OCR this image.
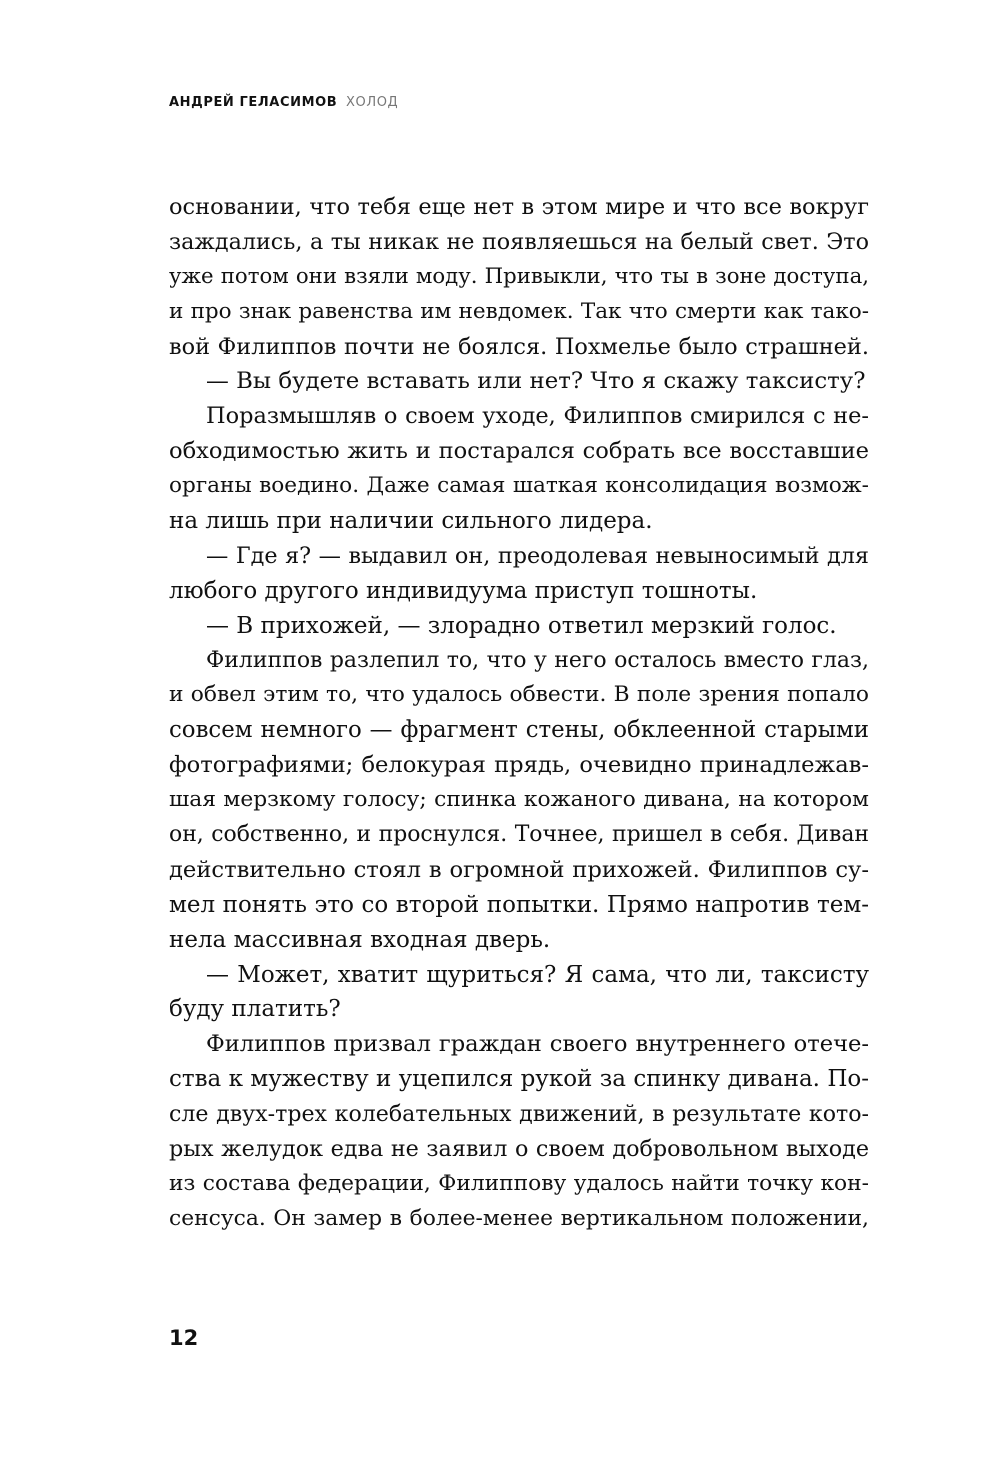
АНДРЕЙ ГЕЛАСИМОВ ХОЛОД
основании, что тебя еще нет в этом мире и что все вокруг
заждались, а ты никак не появляешься на белый свет. Это
уже потом они взяли моду. Привыкли, что ты в зоне доступа,
и про знак равенства им невдомек. Так что смерти как тако-
вой Филиппов почти не боялся. Похмелье было страшней.
— Вы будете вставать или нет? Что я скажу таксисту?
Поразмышляв о своем уходе, Филиппов смирился с не-
обходимостью жить и постарался собрать все восставшие
органы воедино. Даже самая шаткая консолидация возмож-
на лишь при наличии сильного лидера.
— Где я? — выдавил он, преодолевая невыносимый для
любого другого индивидуума приступ тошноты.
— В прихожей, — злорадно ответил мерзкий голос.
Филиппов разлепил то, что у него осталось вместо глаз,
и обвел этим то, что удалось обвести. В поле зрения попало
совсем немного — фрагмент стены, обклеенной старыми
фотографиями; белокурая прядь, очевидно принадлежав-
шая мерзкому голосу; спинка кожаного дивана, на котором
он, собственно, и проснулся. Точнее, пришел в себя. Диван
действительно стоял в огромной прихожей. Филиппов су-
мел понять это со второй попытки. Прямо напротив тем-
нела массивная входная дверь.
— Может, хватит щуриться? Я сама, что ли, таксисту
буду платить?
Филиппов призвал граждан своего внутреннего отече-
ства к мужеству и уцепился рукой за спинку дивана. По-
сле двух-трех колебательных движений, в результате кото-
рых желудок едва не заявил о своем добровольном выходе
из состава федерации, Филиппову удалось найти точку кон-
сенсуса. Он замер в более-менее вертикальном положении,
12
